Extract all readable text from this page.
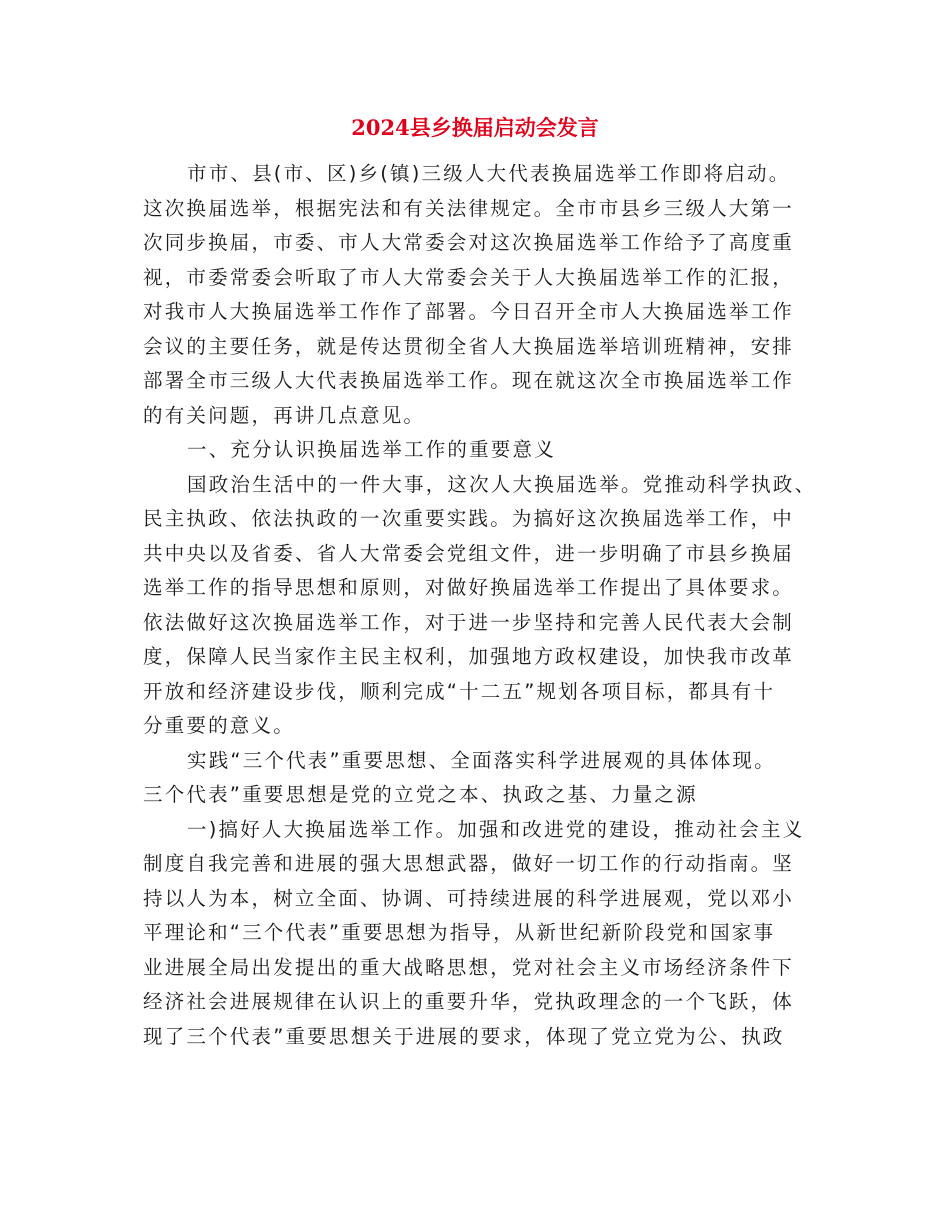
2024县乡换届启动会发言
市市、县(市、区)乡(镇)三级人大代表换届选举工作即将启动。
这次换届选举，根据宪法和有关法律规定。全市市县乡三级人大第一
次同步换届，市委、市人大常委会对这次换届选举工作给予了高度重
视，市委常委会听取了市人大常委会关于人大换届选举工作的汇报，
对我市人大换届选举工作作了部署。今日召开全市人大换届选举工作
会议的主要任务，就是传达贯彻全省人大换届选举培训班精神，安排
部署全市三级人大代表换届选举工作。现在就这次全市换届选举工作
的有关问题，再讲几点意见。
一、充分认识换届选举工作的重要意义
国政治生活中的一件大事，这次人大换届选举。党推动科学执政、
民主执政、依法执政的一次重要实践。为搞好这次换届选举工作，中
共中央以及省委、省人大常委会党组文件，进一步明确了市县乡换届
选举工作的指导思想和原则，对做好换届选举工作提出了具体要求。
依法做好这次换届选举工作，对于进一步坚持和完善人民代表大会制
度，保障人民当家作主民主权利，加强地方政权建设，加快我市改革
开放和经济建设步伐，顺利完成“十二五”规划各项目标，都具有十
分重要的意义。
实践“三个代表”重要思想、全面落实科学进展观的具体体现。
三个代表”重要思想是党的立党之本、执政之基、力量之源
一)搞好人大换届选举工作。加强和改进党的建设，推动社会主义
制度自我完善和进展的强大思想武器，做好一切工作的行动指南。坚
持以人为本，树立全面、协调、可持续进展的科学进展观，党以邓小
平理论和“三个代表”重要思想为指导，从新世纪新阶段党和国家事
业进展全局出发提出的重大战略思想，党对社会主义市场经济条件下
经济社会进展规律在认识上的重要升华，党执政理念的一个飞跃，体
现了三个代表”重要思想关于进展的要求，体现了党立党为公、执政
